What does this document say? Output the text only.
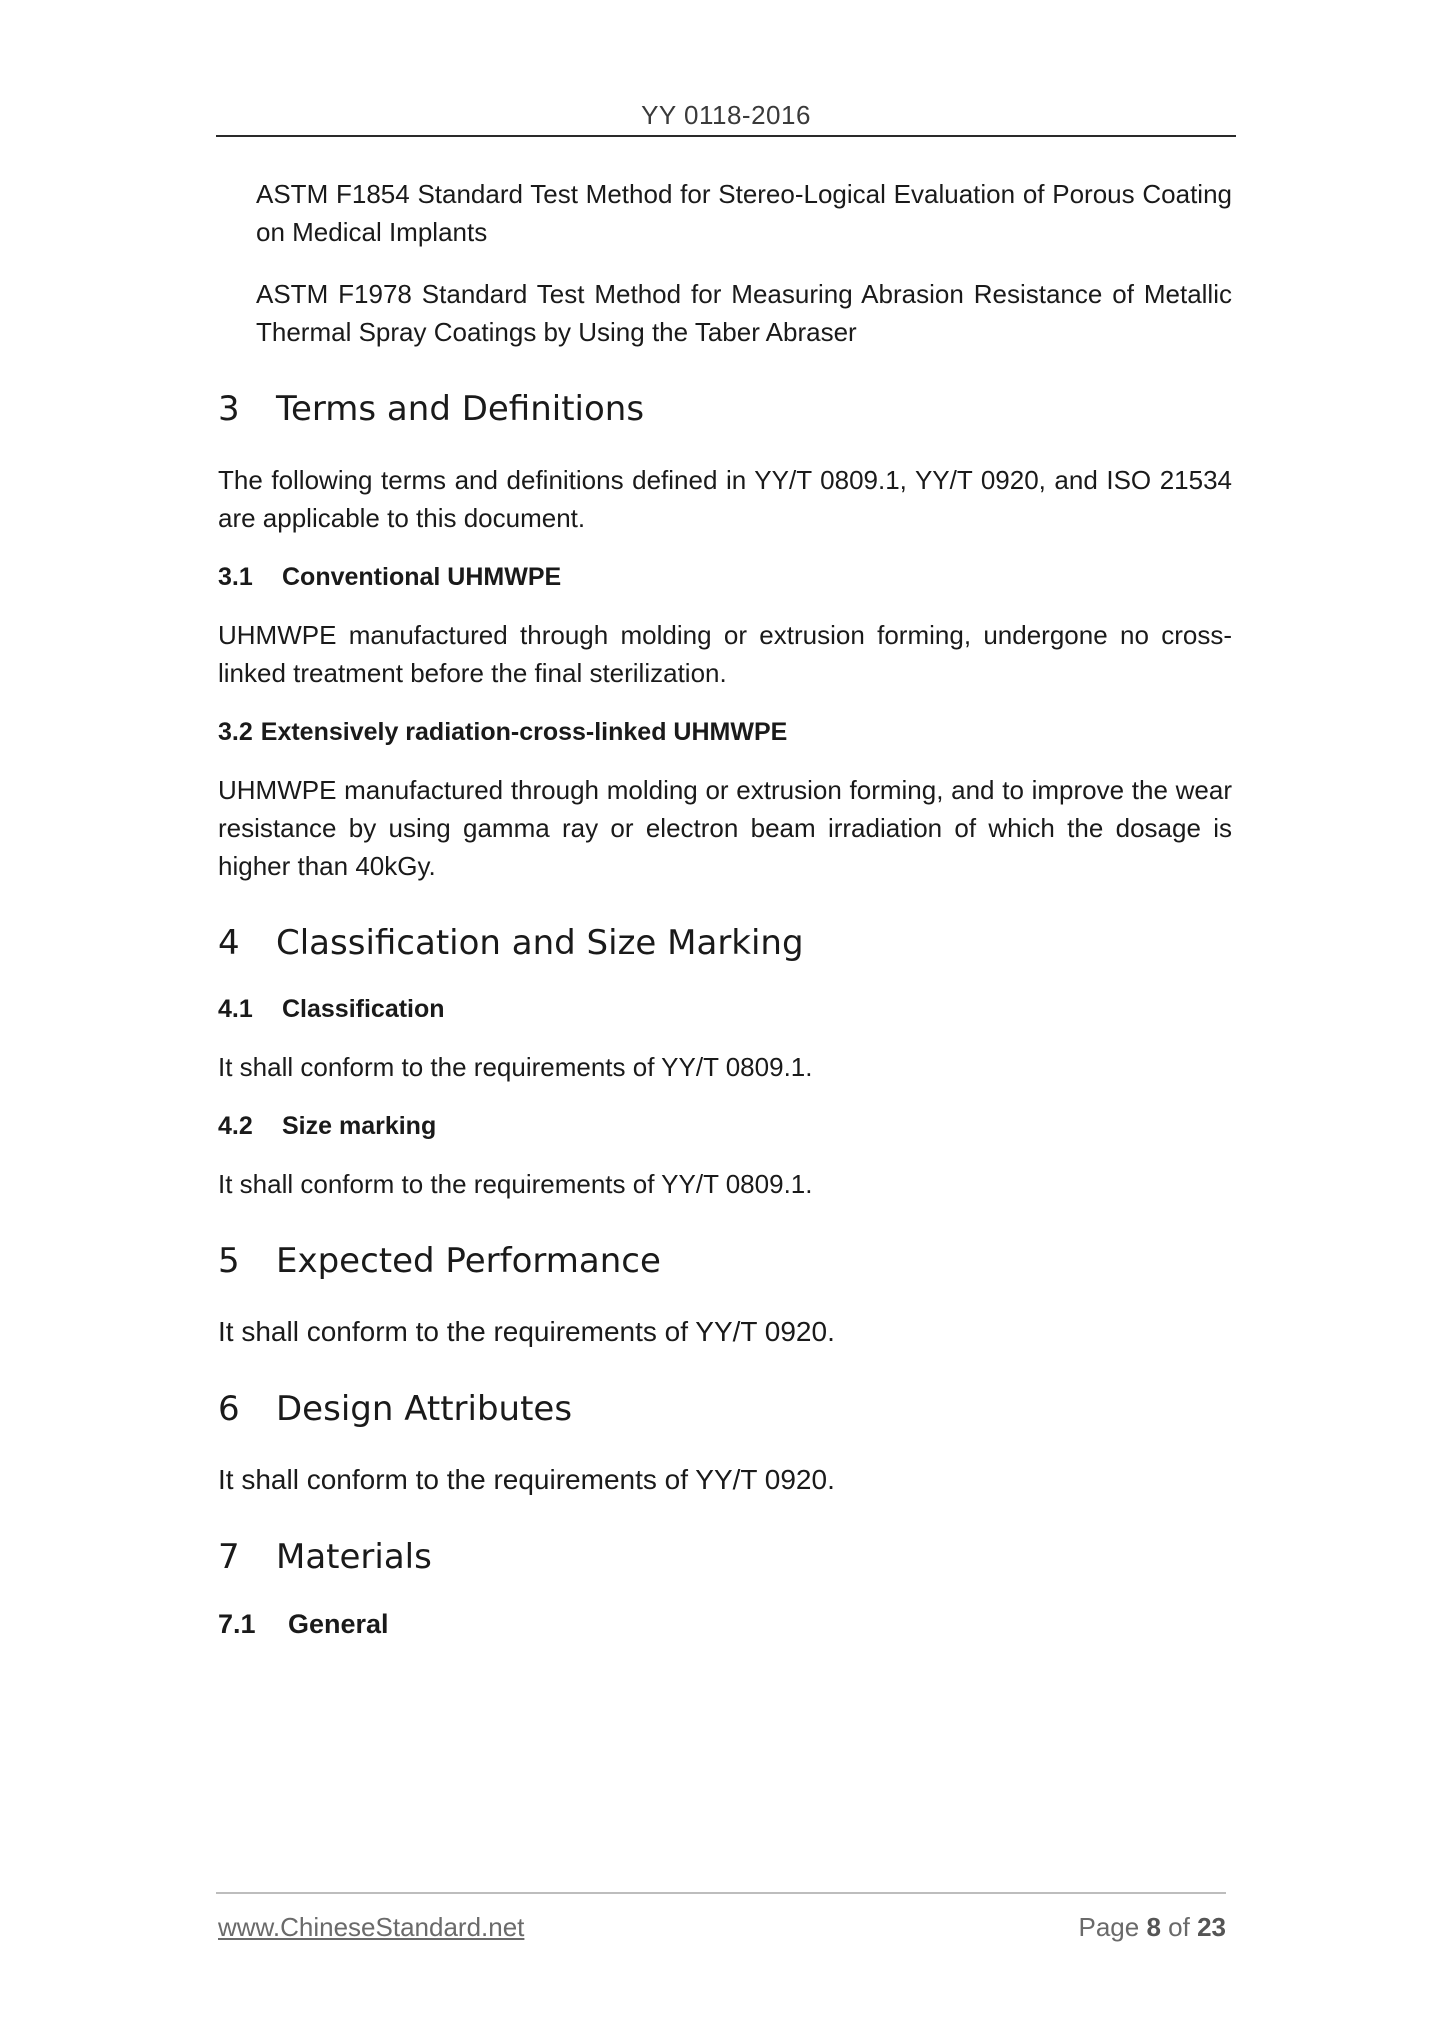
YY 0118-2016

ASTM F1854 Standard Test Method for Stereo-Logical Evaluation of Porous Coating on Medical Implants

ASTM F1978 Standard Test Method for Measuring Abrasion Resistance of Metallic Thermal Spray Coatings by Using the Taber Abraser

3	Terms and Definitions

The following terms and definitions defined in YY/T 0809.1, YY/T 0920, and ISO 21534 are applicable to this document.

3.1	Conventional UHMWPE

UHMWPE manufactured through molding or extrusion forming, undergone no cross-linked treatment before the final sterilization.

3.2 Extensively radiation-cross-linked UHMWPE

UHMWPE manufactured through molding or extrusion forming, and to improve the wear resistance by using gamma ray or electron beam irradiation of which the dosage is higher than 40kGy.

4	Classification and Size Marking
4.1	Classification

It shall conform to the requirements of YY/T 0809.1.

4.2	Size marking

It shall conform to the requirements of YY/T 0809.1.

5	Expected Performance

It shall conform to the requirements of YY/T 0920.

6	Design Attributes

It shall conform to the requirements of YY/T 0920.

7	Materials
7.1	General
www.ChineseStandard.net	Page 8 of 23
